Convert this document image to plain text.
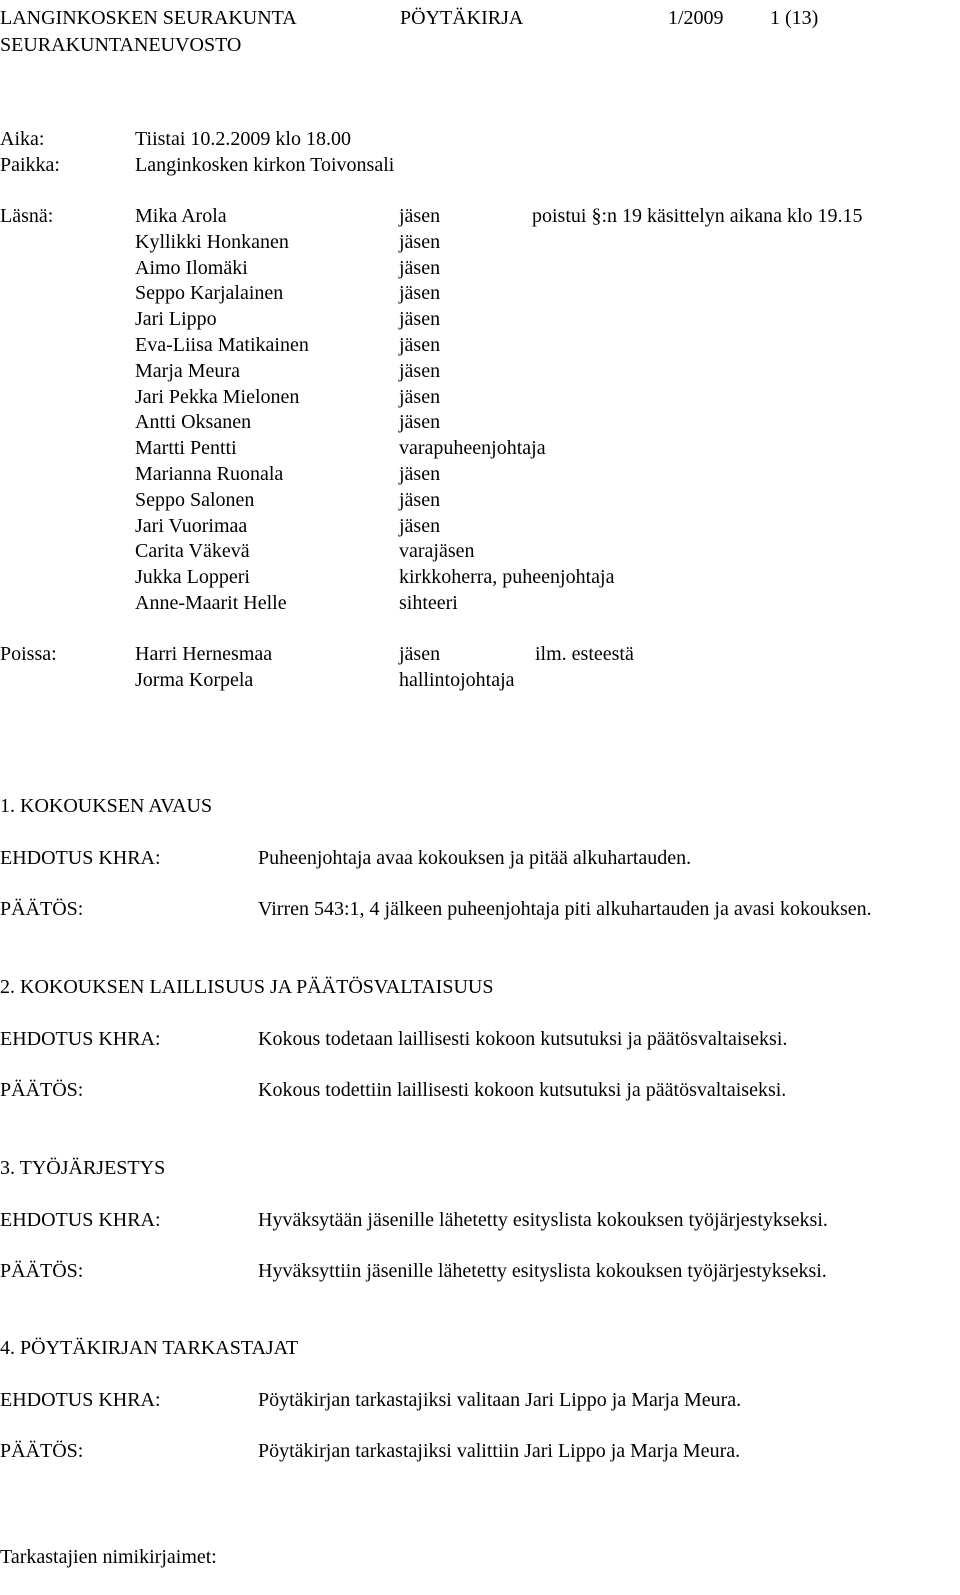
LANGINKOSKEN SEURAKUNTA
SEURAKUNTANEUVOSTO
PÖYTÄKIRJA	1/2009 1 (13)
Aika:	Tiistai 10.2.2009 klo 18.00
Paikka:	Langinkosken kirkon Toivonsali
Läsnä:	Mika Arola	jäsen	poistui §:n 19 käsittelyn aikana klo 19.15
Kyllikki Honkanen	jäsen
Aimo Ilomäki	jäsen
Seppo Karjalainen	jäsen
Jari Lippo	jäsen
Eva-Liisa Matikainen	jäsen
Marja Meura	jäsen
Jari Pekka Mielonen	jäsen
Antti Oksanen	jäsen
Martti Pentti	varapuheenjohtaja
Marianna Ruonala	jäsen
Seppo Salonen	jäsen
Jari Vuorimaa	jäsen
Carita Väkevä	varajäsen
Jukka Lopperi	kirkkoherra, puheenjohtaja
Anne-Maarit Helle	sihteeri
Poissa:	Harri Hernesmaa	jäsen	ilm. esteestä
Jorma Korpela	hallintojohtaja
1. KOKOUKSEN AVAUS
EHDOTUS KHRA:	Puheenjohtaja avaa kokouksen ja pitää alkuhartauden.
PÄÄTÖS:	Virren 543:1, 4 jälkeen puheenjohtaja piti alkuhartauden ja avasi kokouksen.
2. KOKOUKSEN LAILLISUUS JA PÄÄTÖSVALTAISUUS
EHDOTUS KHRA:	Kokous todetaan laillisesti kokoon kutsutuksi ja päätösvaltaiseksi.
PÄÄTÖS:	Kokous todettiin laillisesti kokoon kutsutuksi ja päätösvaltaiseksi.
3. TYÖJÄRJESTYS
EHDOTUS KHRA:	Hyväksytään jäsenille lähetetty esityslista kokouksen työjärjestykseksi.
PÄÄTÖS:	Hyväksyttiin jäsenille lähetetty esityslista kokouksen työjärjestykseksi.
4. PÖYTÄKIRJAN TARKASTAJAT
EHDOTUS KHRA:	Pöytäkirjan tarkastajiksi valitaan Jari Lippo ja Marja Meura.
PÄÄTÖS:	Pöytäkirjan tarkastajiksi valittiin Jari Lippo ja Marja Meura.
Tarkastajien nimikirjaimet:
